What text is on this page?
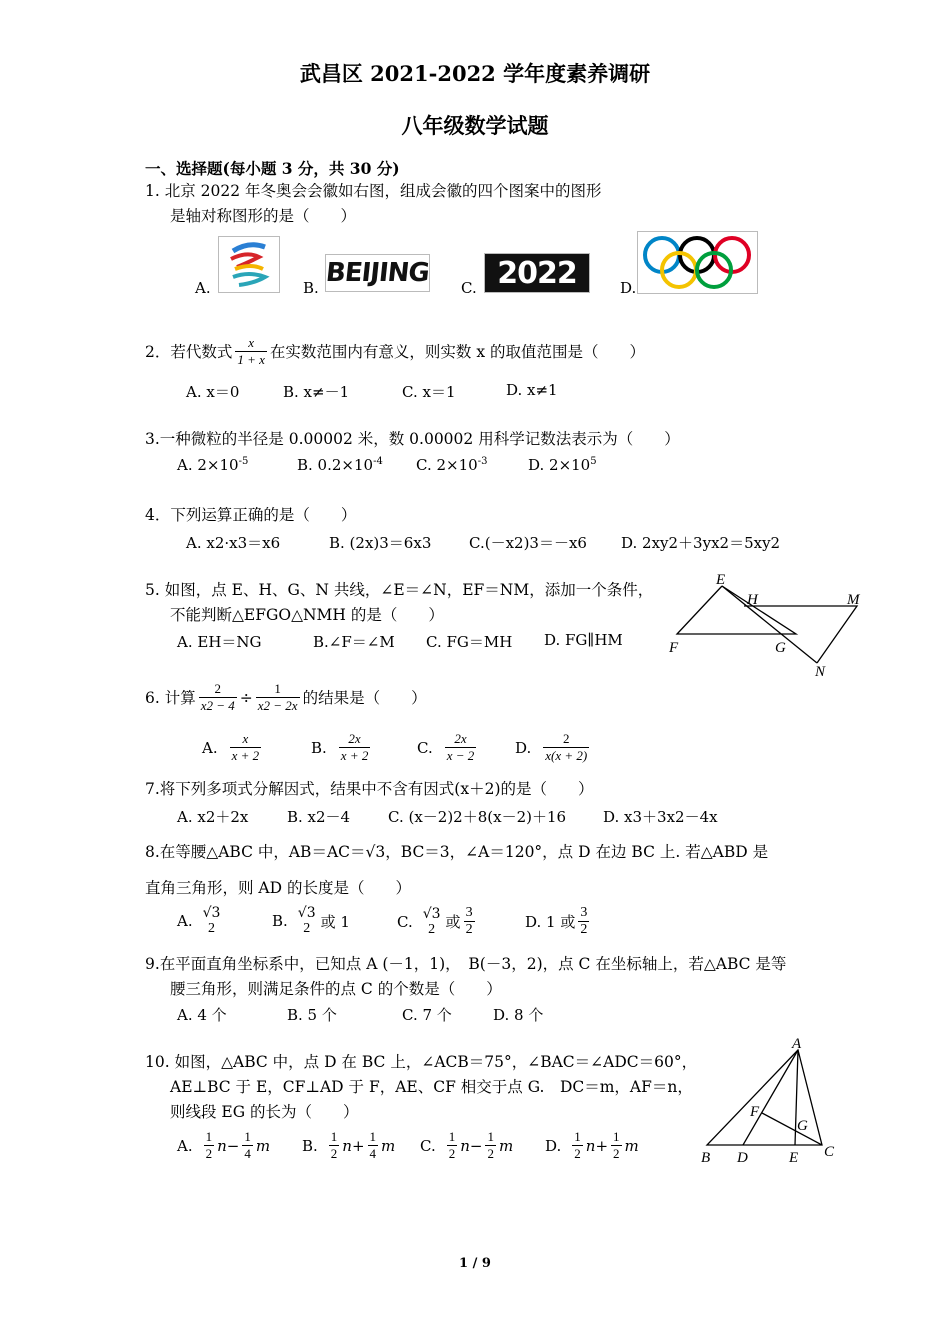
武昌区 2021-2022 学年度素养调研
八年级数学试题
一、选择题(每小题 3 分，共 30 分)
1. 北京 2022 年冬奥会会徽如右图，组成会徽的四个图案中的图形
是轴对称图形的是（　　）
A.	B. BEIJING C. 2022	D.
2．若代数式 $\frac{x}{1 + x}$ 在实数范围内有意义，则实数 x 的取值范围是（　　）
A. x＝0	B. x≠－1	C. x＝1	D. x≠1
3.一种微粒的半径是 0.00002 米，数 0.00002 用科学记数法表示为（　　）
A. $2\times 10^{-5}$	B. $0.2\times 10^{-4}$ C. $2\times 10^{-3}$	D. $2\times 10^5$
4．下列运算正确的是（　　）
A. x2·x3＝x6	B. (2x)3＝6x3	C.(－x2)3＝－x6 D. 2xy2＋3yx2＝5xy2
5. 如图，点 E、H、G、N 共线，∠E＝∠N，EF＝NM，添加一个条件，
不能判断△EFGO△NMH 的是（　　）
A. EH＝NG	B.∠F＝∠M C. FG＝MH D. FG∥HM
E
H	M
F	G
N
6. 计算 $\frac{2}{x2 - 4} \div \frac{1}{x2 - 2x}$ 的结果是（　　）
A. $\frac{x}{x + 2}$	B. $\frac{2x}{x + 2}$	C. $\frac{2x}{x - 2}$	D. $\frac{2}{x(x + 2)}$
7.将下列多项式分解因式，结果中不含有因式(x＋2)的是（　　）
A. x2＋2x	B. x2－4	C. (x－2)2＋8(x－2)＋16 D. x3＋3x2－4x
8.在等腰△ABC 中，AB＝AC＝ √3 ，BC＝3，∠A＝120°，点 D 在边 BC 上. 若△ABD 是
直角三角形，则 AD 的长度是（　　）
A. √3
2	B. √3
2 或 1	C. √3
2 或 $\frac{3}{2}$	D. 1 或 $\frac{3}{2}$
9.在平面直角坐标系中，已知点 A (－1，1)，　B(－3，2)，点 C 在坐标轴上，若△ABC 是等
腰三角形，则满足条件的点 C 的个数是（　　）
A. 4 个	B. 5 个	C. 7 个	D. 8 个
10. 如图，△ABC 中，点 D 在 BC 上，∠ACB＝75°，∠BAC＝∠ADC＝60°，
AE⊥BC 于 E，CF⊥AD 于 F，AE、CF 相交于点 G.　DC＝m，AF＝n，
则线段 EG 的长为（　　）
A. $\frac{1}{2}$ $n - \frac{1}{4}$ m B. $\frac{1}{2}$ $n + \frac{1}{4}$ m C. $\frac{1}{2}$ $n - \frac{1}{2}$ m D. $\frac{1}{2}$ $n + \frac{1}{2}$ m
A
F
G
B D	E C
1 / 9
